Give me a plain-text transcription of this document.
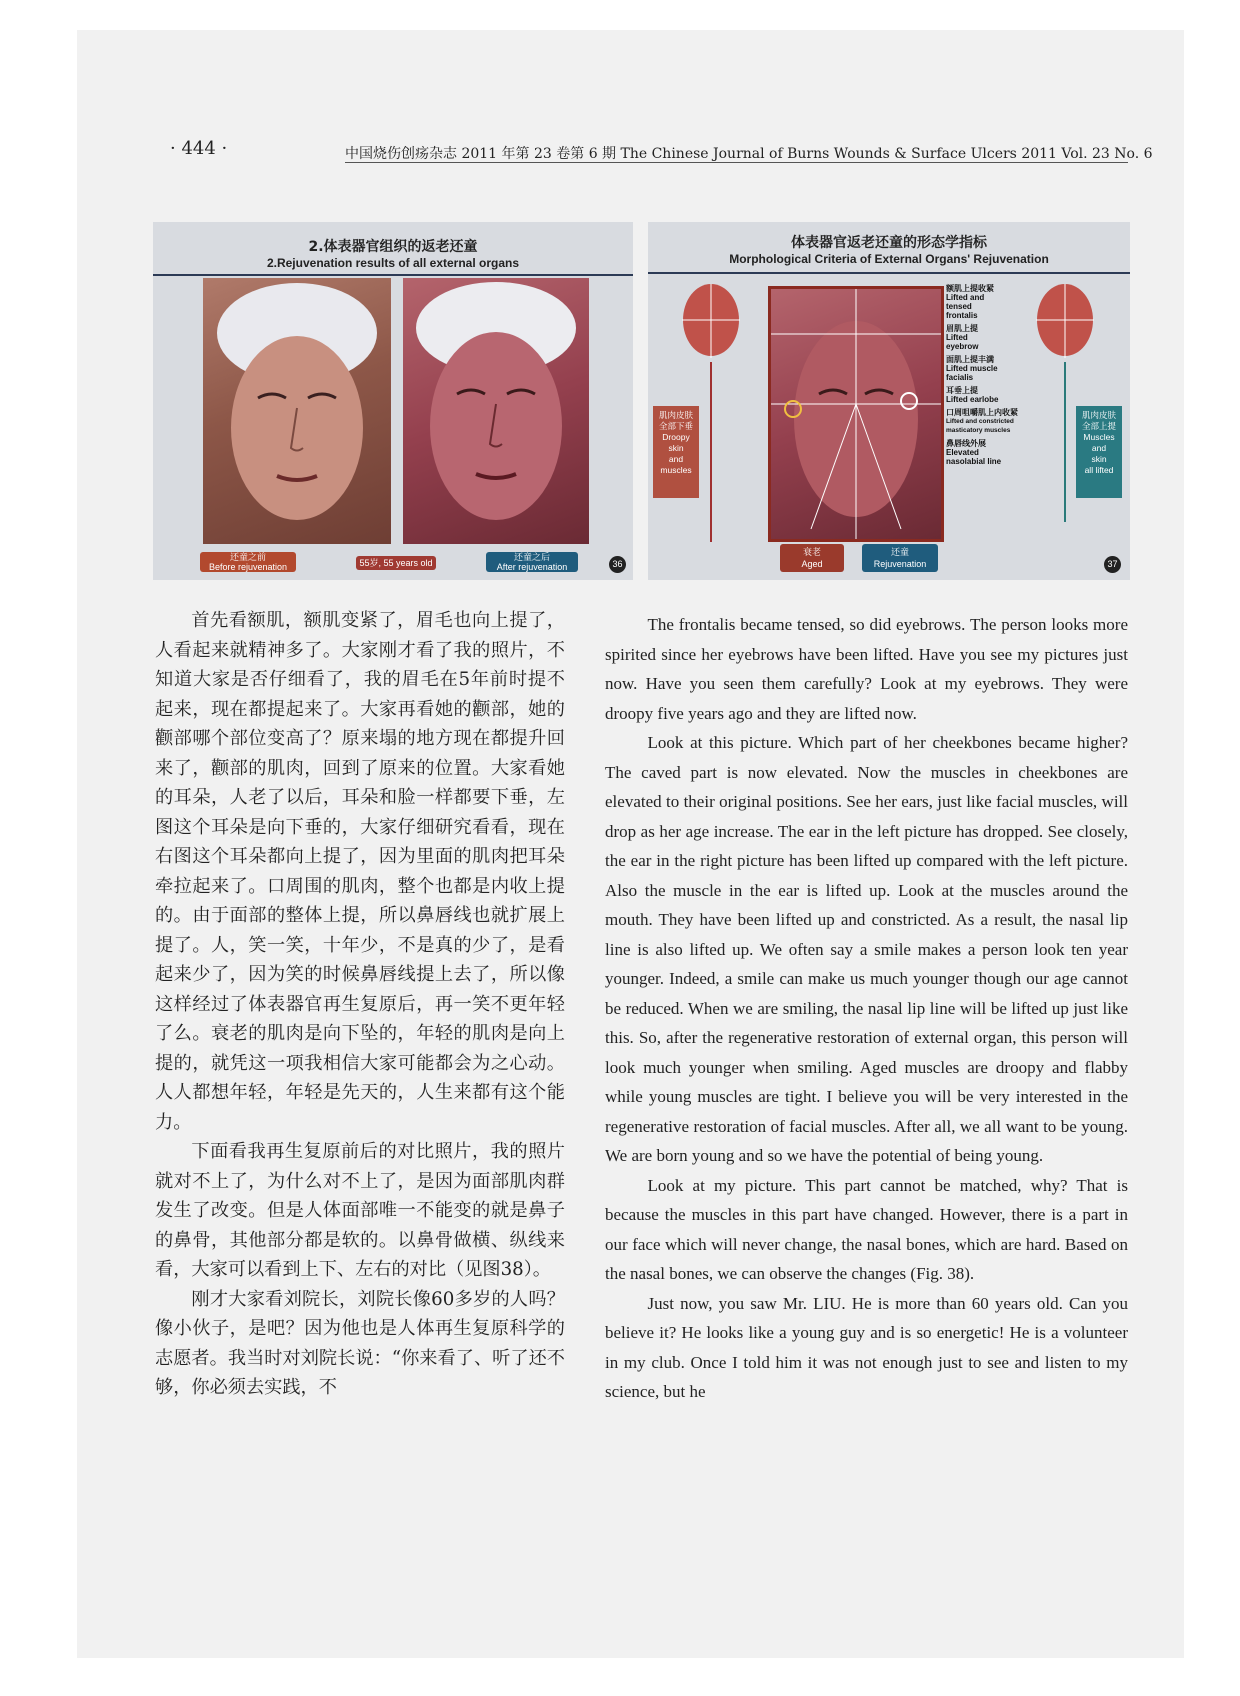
· 444 ·	中国烧伤创疡杂志 2011 年第 23 卷第 6 期 The Chinese Journal of Burns Wounds & Surface Ulcers 2011 Vol. 23 No. 6
2.体表器官组织的返老还童
2.Rejuvenation results of all external organs
还童之前
Before rejuvenation	55岁, 55 years old
还童之后
After rejuvenation	36
体表器官返老还童的形态学指标
Morphological Criteria of External Organs' Rejuvenation
肌肉皮肤
全部下垂
Droopy
skin
and
muscles
额肌上提收紧
Lifted and
tensed
frontalis
眉肌上提
Lifted
eyebrow
面肌上提丰满
Lifted muscle
facialis
耳垂上提
Lifted earlobe
口周咀嚼肌上内收紧
Lifted and constricted
masticatory muscles
鼻唇线外展
Elevated
nasolabial line
肌肉皮肤
全部上提
Muscles
and
skin
all lifted
衰老
Aged
还童
Rejuvenation	37

首先看额肌，额肌变紧了，眉毛也向上提了，人看起来就精神多了。大家刚才看了我的照片，不知道大家是否仔细看了，我的眉毛在5年前时提不起来，现在都提起来了。大家再看她的颧部，她的颧部哪个部位变高了？原来塌的地方现在都提升回来了，颧部的肌肉，回到了原来的位置。大家看她的耳朵，人老了以后，耳朵和脸一样都要下垂，左图这个耳朵是向下垂的，大家仔细研究看看，现在右图这个耳朵都向上提了，因为里面的肌肉把耳朵牵拉起来了。口周围的肌肉，整个也都是内收上提的。由于面部的整体上提，所以鼻唇线也就扩展上提了。人，笑一笑，十年少，不是真的少了，是看起来少了，因为笑的时候鼻唇线提上去了，所以像这样经过了体表器官再生复原后，再一笑不更年轻了么。衰老的肌肉是向下坠的，年轻的肌肉是向上提的，就凭这一项我相信大家可能都会为之心动。人人都想年轻，年轻是先天的，人生来都有这个能力。

下面看我再生复原前后的对比照片，我的照片就对不上了，为什么对不上了，是因为面部肌肉群发生了改变。但是人体面部唯一不能变的就是鼻子的鼻骨，其他部分都是软的。以鼻骨做横、纵线来看，大家可以看到上下、左右的对比（见图38）。

刚才大家看刘院长，刘院长像60多岁的人吗？像小伙子，是吧？因为他也是人体再生复原科学的志愿者。我当时对刘院长说：“你来看了、听了还不够，你必须去实践，不

The frontalis became tensed, so did eyebrows. The person looks more spirited since her eyebrows have been lifted. Have you see my pictures just now. Have you seen them carefully? Look at my eyebrows. They were droopy five years ago and they are lifted now.

Look at this picture. Which part of her cheekbones became higher? The caved part is now elevated. Now the muscles in cheekbones are elevated to their original positions. See her ears, just like facial muscles, will drop as her age increase. The ear in the left picture has dropped. See closely, the ear in the right picture has been lifted up compared with the left picture. Also the muscle in the ear is lifted up. Look at the muscles around the mouth. They have been lifted up and constricted. As a result, the nasal lip line is also lifted up. We often say a smile makes a person look ten year younger. Indeed, a smile can make us much younger though our age cannot be reduced. When we are smiling, the nasal lip line will be lifted up just like this. So, after the regenerative restoration of external organ, this person will look much younger when smiling. Aged muscles are droopy and flabby while young muscles are tight. I believe you will be very interested in the regenerative restoration of facial muscles. After all, we all want to be young. We are born young and so we have the potential of being young.

Look at my picture. This part cannot be matched, why? That is because the muscles in this part have changed. However, there is a part in our face which will never change, the nasal bones, which are hard. Based on the nasal bones, we can observe the changes (Fig. 38).

Just now, you saw Mr. LIU. He is more than 60 years old. Can you believe it? He looks like a young guy and is so energetic! He is a volunteer in my club. Once I told him it was not enough just to see and listen to my science, but he
